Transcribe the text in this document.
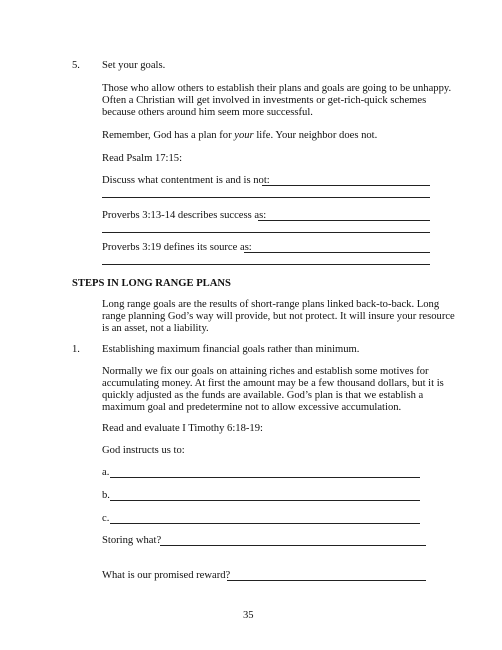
5. Set your goals.
Those who allow others to establish their plans and goals are going to be unhappy.
Often a Christian will get involved in investments or get-rich-quick schemes
because others around him seem more successful.
Remember, God has a plan for your life. Your neighbor does not.
Read Psalm 17:15:
Discuss what contentment is and is not:
Proverbs 3:13-14 describes success as:
Proverbs 3:19 defines its source as:
STEPS IN LONG RANGE PLANS
Long range goals are the results of short-range plans linked back-to-back. Long
range planning God’s way will provide, but not protect. It will insure your resource
is an asset, not a liability.
1. Establishing maximum financial goals rather than minimum.
Normally we fix our goals on attaining riches and establish some motives for
accumulating money. At first the amount may be a few thousand dollars, but it is
quickly adjusted as the funds are available. God’s plan is that we establish a
maximum goal and predetermine not to allow excessive accumulation.
Read and evaluate I Timothy 6:18-19:
God instructs us to:
a.
b.
c.
Storing what?
What is our promised reward?
35
